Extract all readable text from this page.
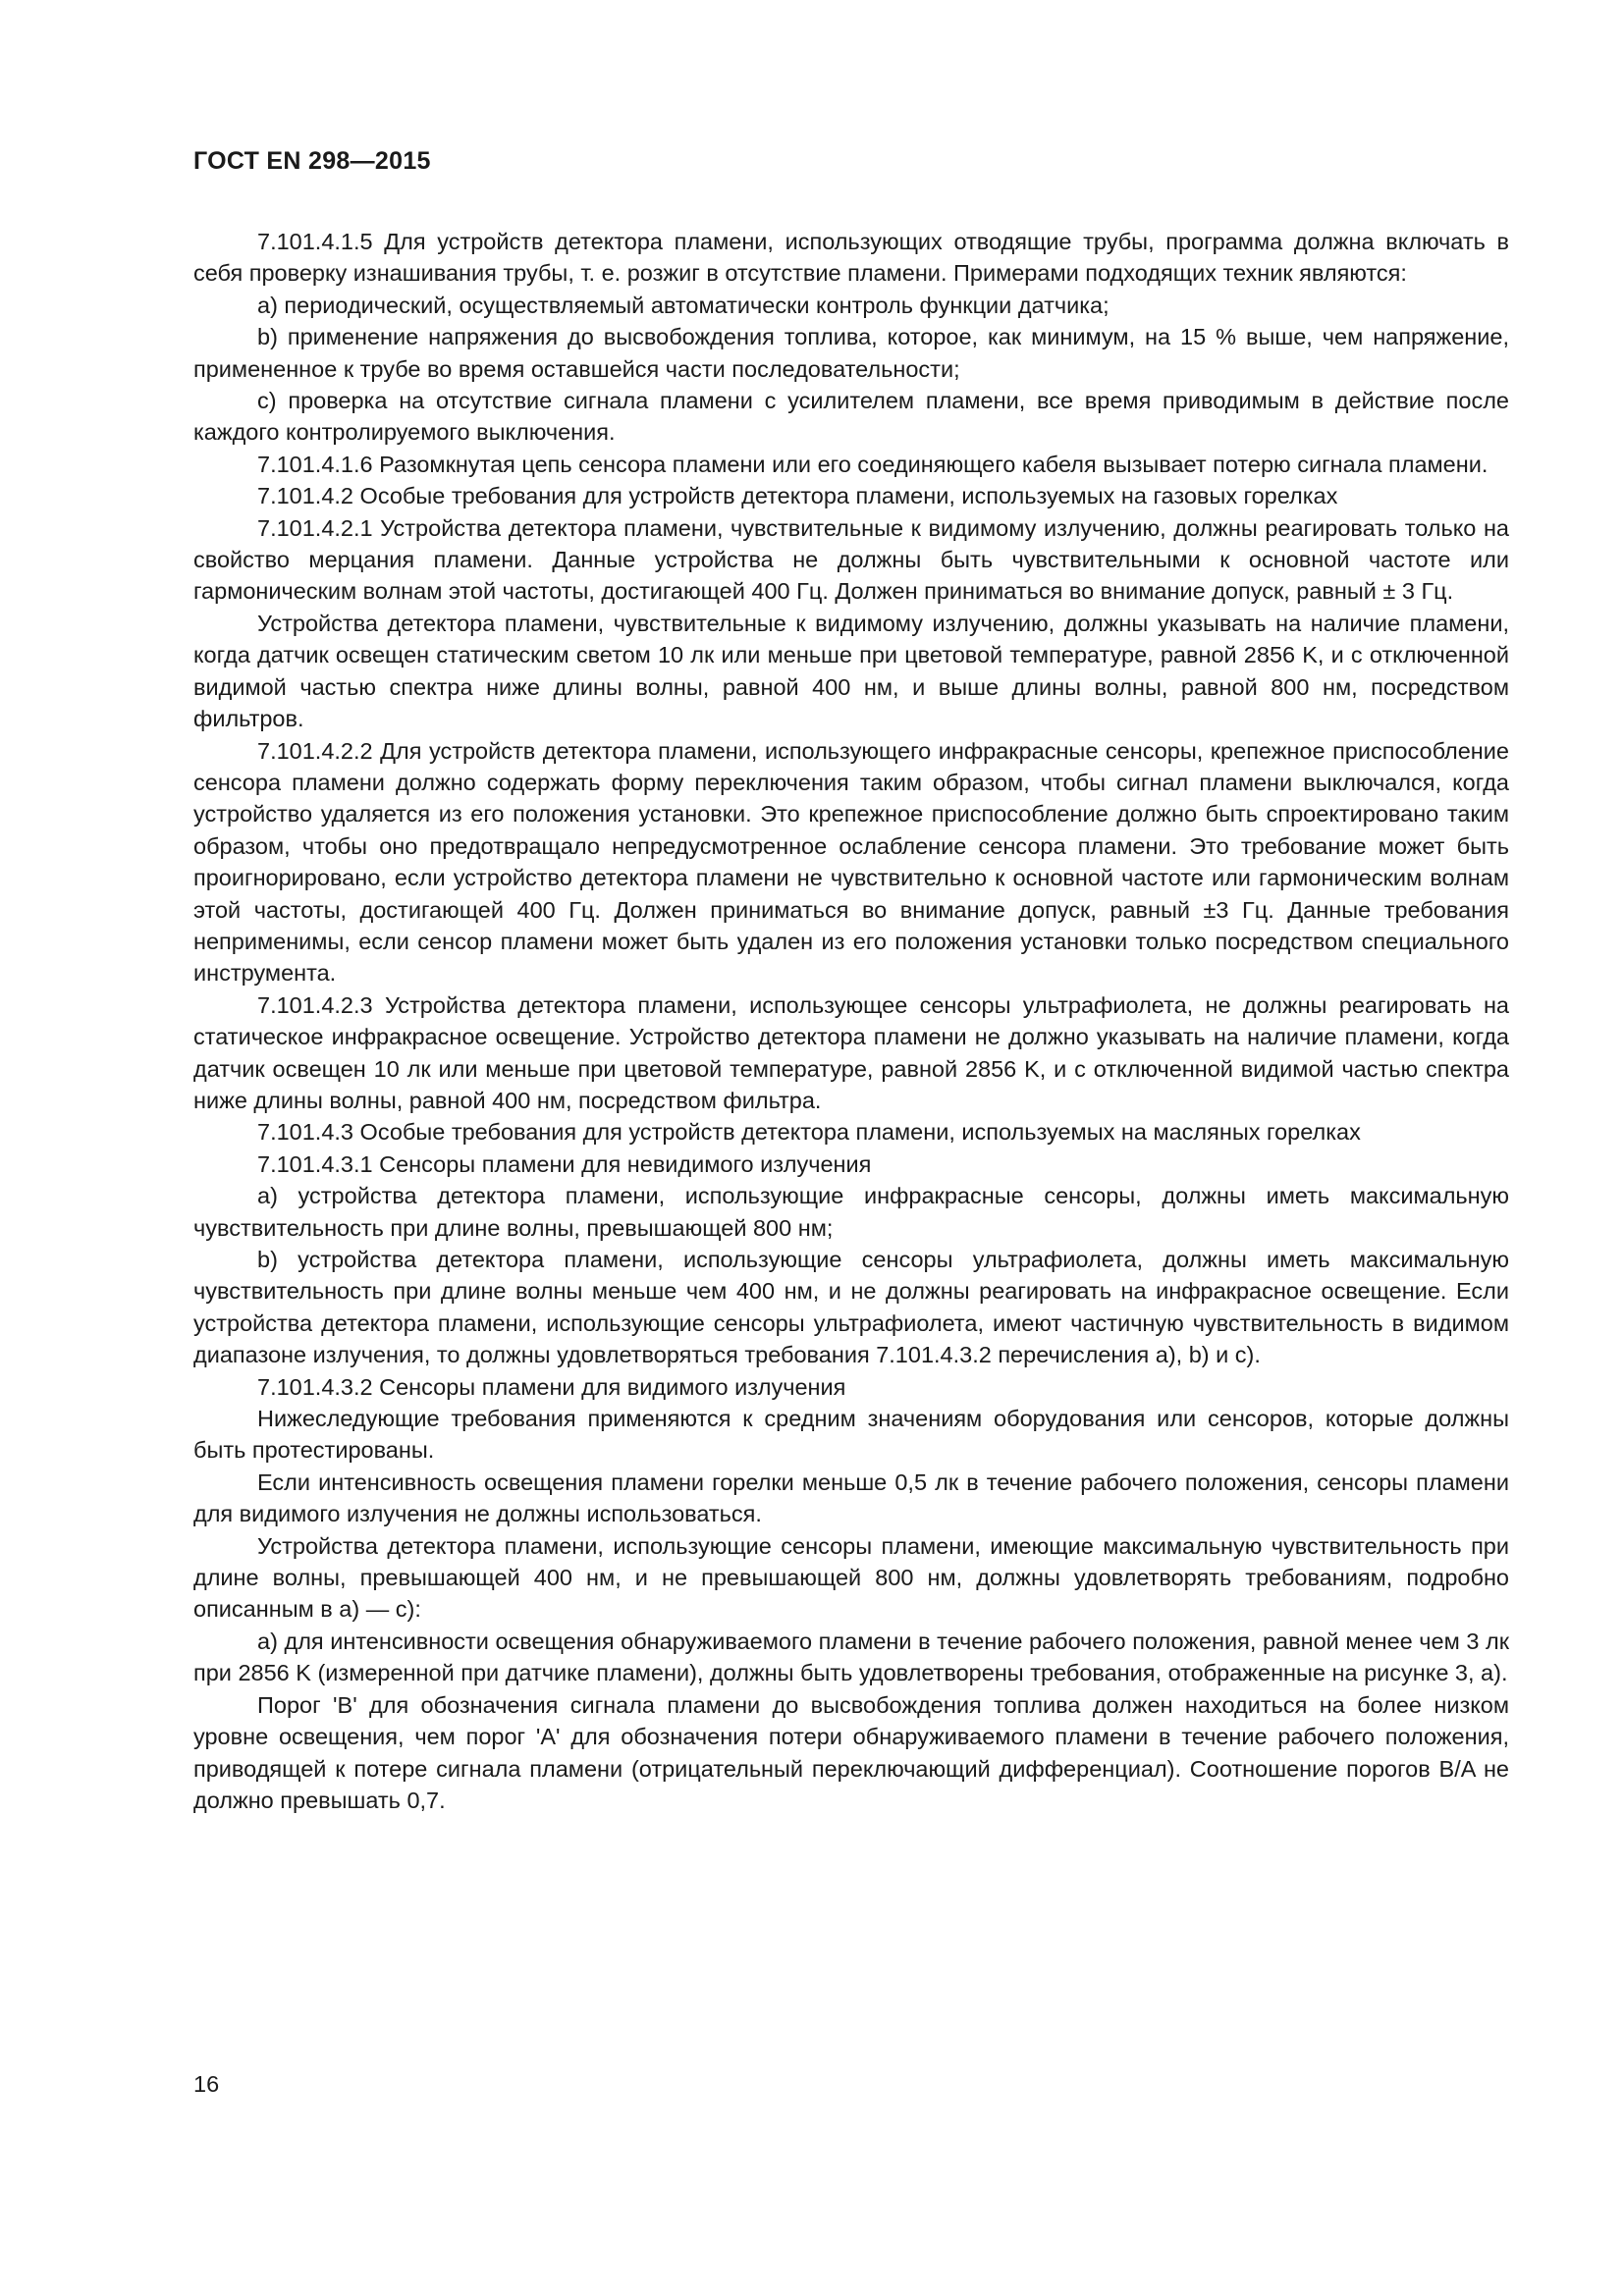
ГОСТ EN 298—2015

7.101.4.1.5 Для устройств детектора пламени, использующих отводящие трубы, программа должна включать в себя проверку изнашивания трубы, т. е. розжиг в отсутствие пламени. Примерами подходящих техник являются:

a) периодический, осуществляемый автоматически контроль функции датчика;

b) применение напряжения до высвобождения топлива, которое, как минимум, на 15 % выше, чем напряжение, примененное к трубе во время оставшейся части последовательности;

c) проверка на отсутствие сигнала пламени с усилителем пламени, все время приводимым в действие после каждого контролируемого выключения.

7.101.4.1.6 Разомкнутая цепь сенсора пламени или его соединяющего кабеля вызывает потерю сигнала пламени.

7.101.4.2 Особые требования для устройств детектора пламени, используемых на газовых горелках

7.101.4.2.1 Устройства детектора пламени, чувствительные к видимому излучению, должны реагировать только на свойство мерцания пламени. Данные устройства не должны быть чувствительными к основной частоте или гармоническим волнам этой частоты, достигающей 400 Гц. Должен приниматься во внимание допуск, равный ± 3 Гц.

Устройства детектора пламени, чувствительные к видимому излучению, должны указывать на наличие пламени, когда датчик освещен статическим светом 10 лк или меньше при цветовой температуре, равной 2856 K, и с отключенной видимой частью спектра ниже длины волны, равной 400 нм, и выше длины волны, равной 800 нм, посредством фильтров.

7.101.4.2.2 Для устройств детектора пламени, использующего инфракрасные сенсоры, крепежное приспособление сенсора пламени должно содержать форму переключения таким образом, чтобы сигнал пламени выключался, когда устройство удаляется из его положения установки. Это крепежное приспособление должно быть спроектировано таким образом, чтобы оно предотвращало непредусмотренное ослабление сенсора пламени. Это требование может быть проигнорировано, если устройство детектора пламени не чувствительно к основной частоте или гармоническим волнам этой частоты, достигающей 400 Гц. Должен приниматься во внимание допуск, равный ±3 Гц. Данные требования неприменимы, если сенсор пламени может быть удален из его положения установки только посредством специального инструмента.

7.101.4.2.3 Устройства детектора пламени, использующее сенсоры ультрафиолета, не должны реагировать на статическое инфракрасное освещение. Устройство детектора пламени не должно указывать на наличие пламени, когда датчик освещен 10 лк или меньше при цветовой температуре, равной 2856 K, и с отключенной видимой частью спектра ниже длины волны, равной 400 нм, посредством фильтра.

7.101.4.3 Особые требования для устройств детектора пламени, используемых на масляных горелках

7.101.4.3.1 Сенсоры пламени для невидимого излучения

a) устройства детектора пламени, использующие инфракрасные сенсоры, должны иметь максимальную чувствительность при длине волны, превышающей 800 нм;

b) устройства детектора пламени, использующие сенсоры ультрафиолета, должны иметь максимальную чувствительность при длине волны меньше чем 400 нм, и не должны реагировать на инфракрасное освещение. Если устройства детектора пламени, использующие сенсоры ультрафиолета, имеют частичную чувствительность в видимом диапазоне излучения, то должны удовлетворяться требования 7.101.4.3.2 перечисления а), b) и с).

7.101.4.3.2 Сенсоры пламени для видимого излучения

Нижеследующие требования применяются к средним значениям оборудования или сенсоров, которые должны быть протестированы.

Если интенсивность освещения пламени горелки меньше 0,5 лк в течение рабочего положения, сенсоры пламени для видимого излучения не должны использоваться.

Устройства детектора пламени, использующие сенсоры пламени, имеющие максимальную чувствительность при длине волны, превышающей 400 нм, и не превышающей 800 нм, должны удовлетворять требованиям, подробно описанным в a) — c):

a) для интенсивности освещения обнаруживаемого пламени в течение рабочего положения, равной менее чем 3 лк при 2856 K (измеренной при датчике пламени), должны быть удовлетворены требования, отображенные на рисунке 3, a).

Порог 'B' для обозначения сигнала пламени до высвобождения топлива должен находиться на более низком уровне освещения, чем порог 'A' для обозначения потери обнаруживаемого пламени в течение рабочего положения, приводящей к потере сигнала пламени (отрицательный переключающий дифференциал). Соотношение порогов B/A не должно превышать 0,7.

16
